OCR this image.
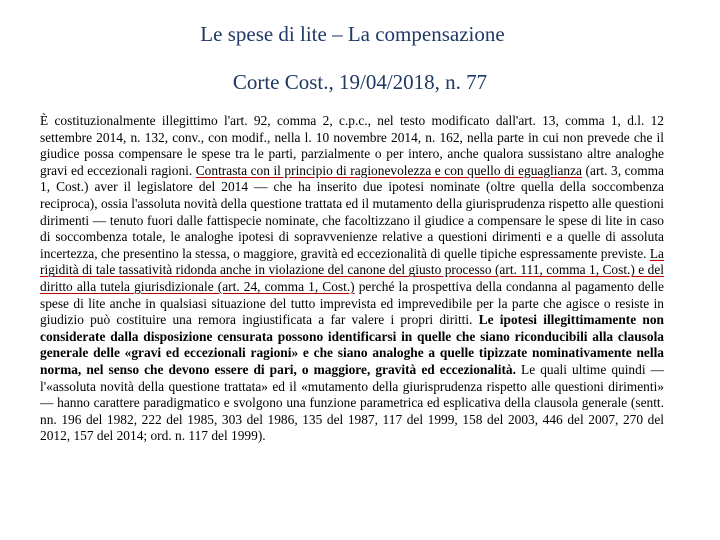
Le spese di lite – La compensazione
Corte Cost., 19/04/2018, n. 77
È costituzionalmente illegittimo l'art. 92, comma 2, c.p.c., nel testo modificato dall'art. 13, comma 1, d.l. 12 settembre 2014, n. 132, conv., con modif., nella l. 10 novembre 2014, n. 162, nella parte in cui non prevede che il giudice possa compensare le spese tra le parti, parzialmente o per intero, anche qualora sussistano altre analoghe gravi ed eccezionali ragioni. Contrasta con il principio di ragionevolezza e con quello di eguaglianza (art. 3, comma 1, Cost.) aver il legislatore del 2014 — che ha inserito due ipotesi nominate (oltre quella della soccombenza reciproca), ossia l'assoluta novità della questione trattata ed il mutamento della giurisprudenza rispetto alle questioni dirimenti — tenuto fuori dalle fattispecie nominate, che facoltizzano il giudice a compensare le spese di lite in caso di soccombenza totale, le analoghe ipotesi di sopravvenienze relative a questioni dirimenti e a quelle di assoluta incertezza, che presentino la stessa, o maggiore, gravità ed eccezionalità di quelle tipiche espressamente previste. La rigidità di tale tassatività ridonda anche in violazione del canone del giusto processo (art. 111, comma 1, Cost.) e del diritto alla tutela giurisdizionale (art. 24, comma 1, Cost.) perché la prospettiva della condanna al pagamento delle spese di lite anche in qualsiasi situazione del tutto imprevista ed imprevedibile per la parte che agisce o resiste in giudizio può costituire una remora ingiustificata a far valere i propri diritti. Le ipotesi illegittimamente non considerate dalla disposizione censurata possono identificarsi in quelle che siano riconducibili alla clausola generale delle «gravi ed eccezionali ragioni» e che siano analoghe a quelle tipizzate nominativamente nella norma, nel senso che devono essere di pari, o maggiore, gravità ed eccezionalità. Le quali ultime quindi — l'«assoluta novità della questione trattata» ed il «mutamento della giurisprudenza rispetto alle questioni dirimenti» — hanno carattere paradigmatico e svolgono una funzione parametrica ed esplicativa della clausola generale (sentt. nn. 196 del 1982, 222 del 1985, 303 del 1986, 135 del 1987, 117 del 1999, 158 del 2003, 446 del 2007, 270 del 2012, 157 del 2014; ord. n. 117 del 1999).
